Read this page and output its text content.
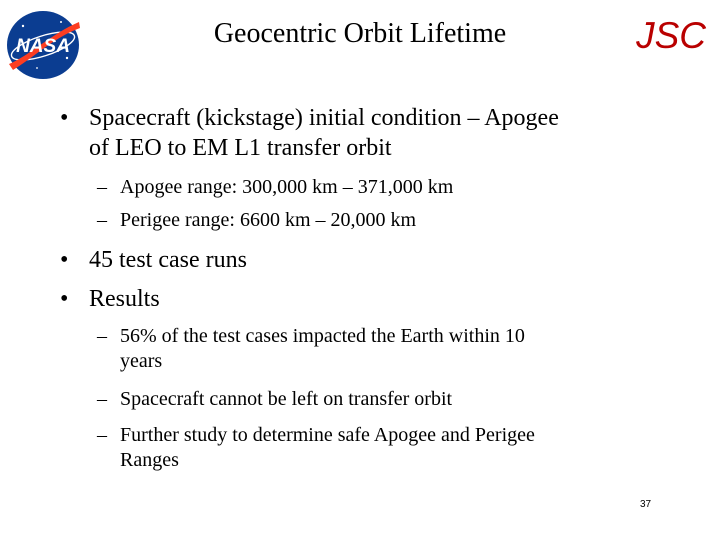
NASA	Geocentric Orbit Lifetime	JSC
• Spacecraft (kickstage) initial condition – Apogee
of LEO to EM L1 transfer orbit
– Apogee range: 300,000 km – 371,000 km
– Perigee range: 6600 km – 20,000 km
• 45 test case runs
• Results
– 56% of the test cases impacted the Earth within 10
years
– Spacecraft cannot be left on transfer orbit
– Further study to determine safe Apogee and Perigee
Ranges
37
